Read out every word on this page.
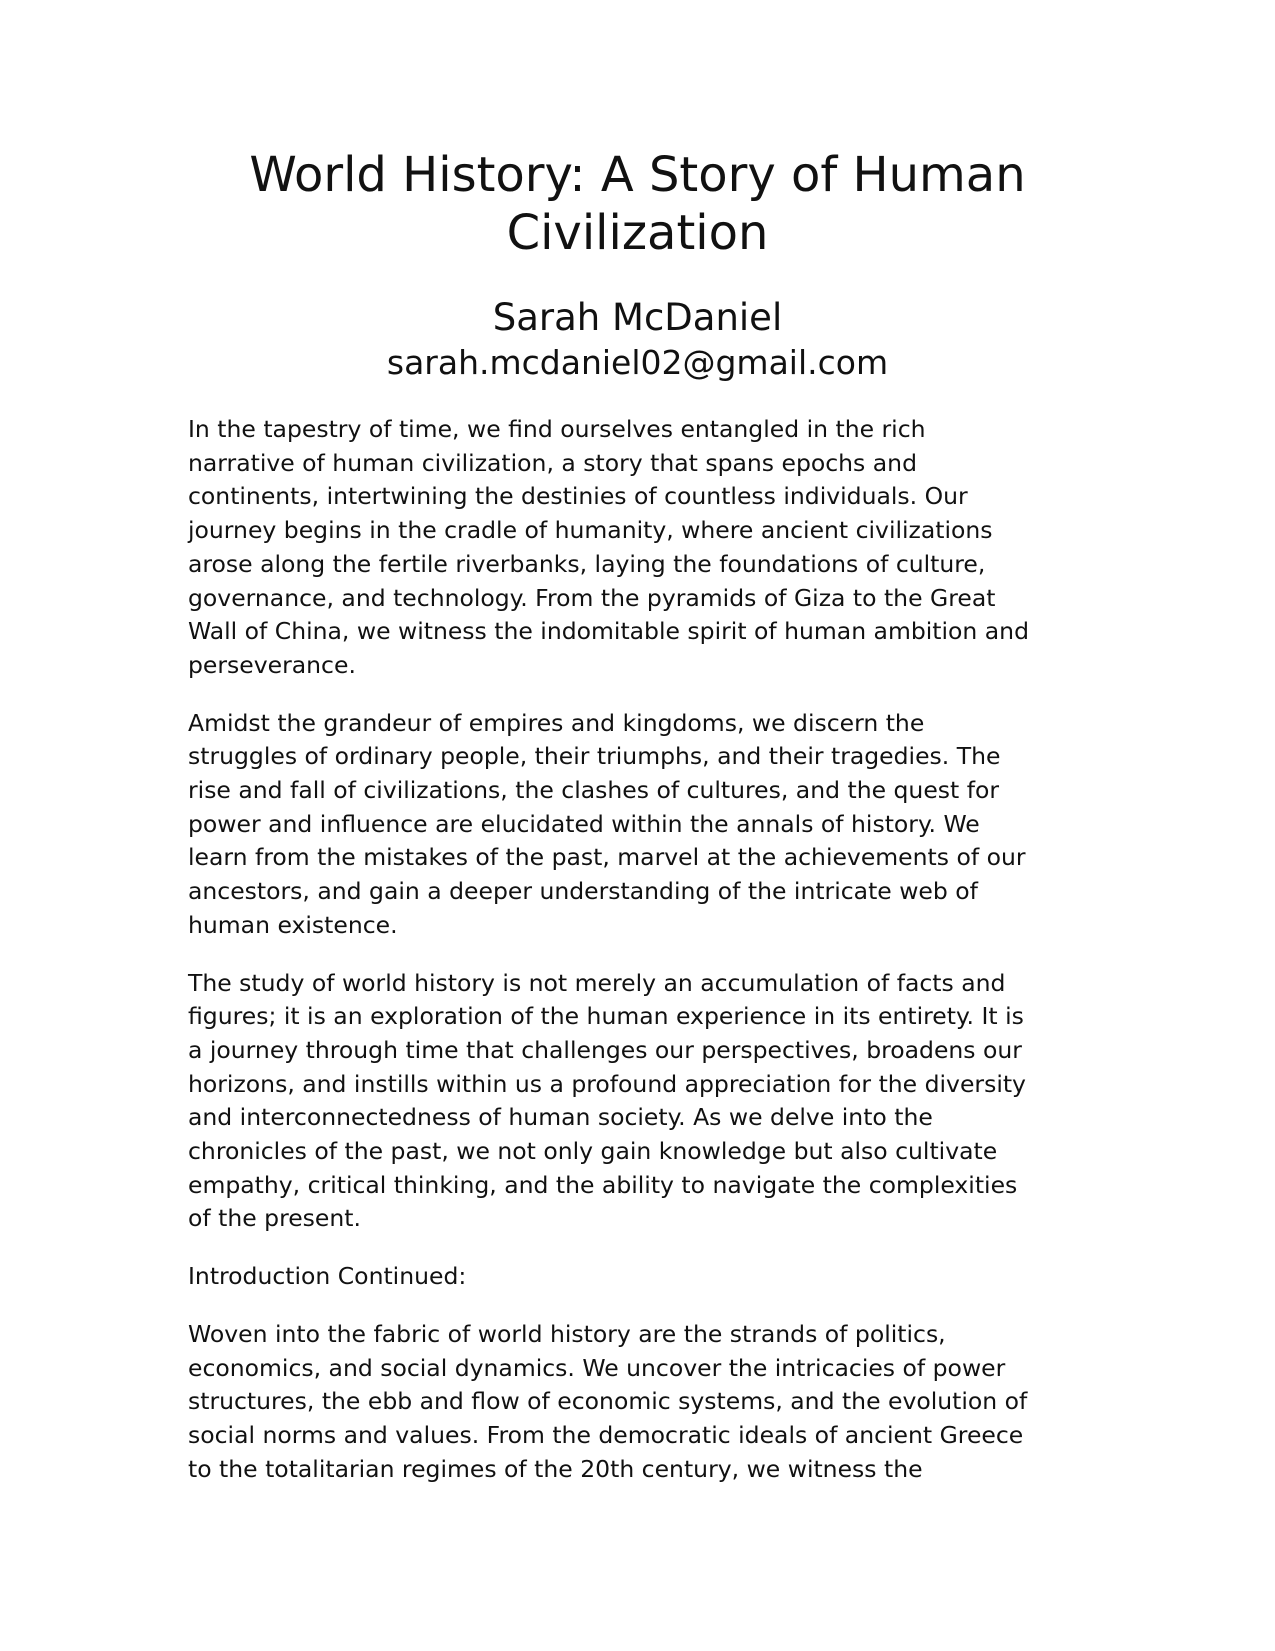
World History: A Story of Human
Civilization
Sarah McDaniel
sarah.mcdaniel02@gmail.com

In the tapestry of time, we find ourselves entangled in the rich
narrative of human civilization, a story that spans epochs and
continents, intertwining the destinies of countless individuals. Our
journey begins in the cradle of humanity, where ancient civilizations
arose along the fertile riverbanks, laying the foundations of culture,
governance, and technology. From the pyramids of Giza to the Great
Wall of China, we witness the indomitable spirit of human ambition and
perseverance.

Amidst the grandeur of empires and kingdoms, we discern the
struggles of ordinary people, their triumphs, and their tragedies. The
rise and fall of civilizations, the clashes of cultures, and the quest for
power and influence are elucidated within the annals of history. We
learn from the mistakes of the past, marvel at the achievements of our
ancestors, and gain a deeper understanding of the intricate web of
human existence.

The study of world history is not merely an accumulation of facts and
figures; it is an exploration of the human experience in its entirety. It is
a journey through time that challenges our perspectives, broadens our
horizons, and instills within us a profound appreciation for the diversity
and interconnectedness of human society. As we delve into the
chronicles of the past, we not only gain knowledge but also cultivate
empathy, critical thinking, and the ability to navigate the complexities
of the present.

Introduction Continued:

Woven into the fabric of world history are the strands of politics,
economics, and social dynamics. We uncover the intricacies of power
structures, the ebb and flow of economic systems, and the evolution of
social norms and values. From the democratic ideals of ancient Greece
to the totalitarian regimes of the 20th century, we witness the
